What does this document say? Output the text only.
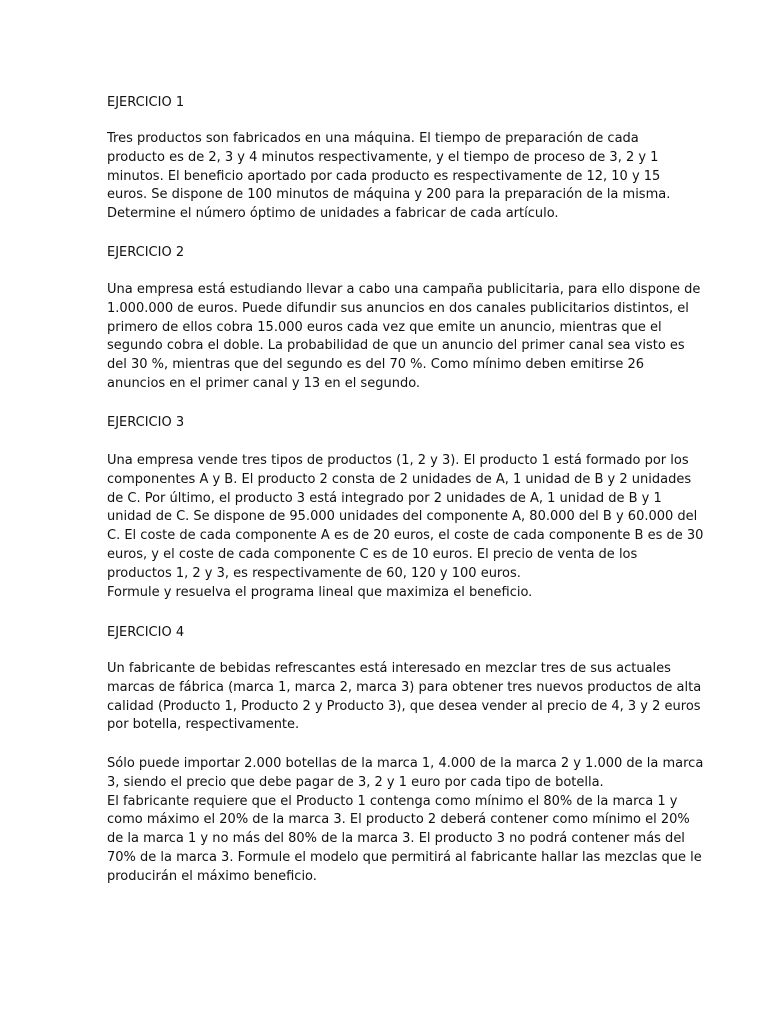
EJERCICIO 1

Tres productos son fabricados en una máquina. El tiempo de preparación de cada
producto es de 2, 3 y 4 minutos respectivamente, y el tiempo de proceso de 3, 2 y 1
minutos. El beneficio aportado por cada producto es respectivamente de 12, 10 y 15
euros. Se dispone de 100 minutos de máquina y 200 para la preparación de la misma.
Determine el número óptimo de unidades a fabricar de cada artículo.

EJERCICIO 2

Una empresa está estudiando llevar a cabo una campaña publicitaria, para ello dispone de
1.000.000 de euros. Puede difundir sus anuncios en dos canales publicitarios distintos, el
primero de ellos cobra 15.000 euros cada vez que emite un anuncio, mientras que el
segundo cobra el doble. La probabilidad de que un anuncio del primer canal sea visto es
del 30 %, mientras que del segundo es del 70 %. Como mínimo deben emitirse 26
anuncios en el primer canal y 13 en el segundo.

EJERCICIO 3

Una empresa vende tres tipos de productos (1, 2 y 3). El producto 1 está formado por los
componentes A y B. El producto 2 consta de 2 unidades de A, 1 unidad de B y 2 unidades
de C. Por último, el producto 3 está integrado por 2 unidades de A, 1 unidad de B y 1
unidad de C. Se dispone de 95.000 unidades del componente A, 80.000 del B y 60.000 del
C. El coste de cada componente A es de 20 euros, el coste de cada componente B es de 30
euros, y el coste de cada componente C es de 10 euros. El precio de venta de los
productos 1, 2 y 3, es respectivamente de 60, 120 y 100 euros.
Formule y resuelva el programa lineal que maximiza el beneficio.

EJERCICIO 4

Un fabricante de bebidas refrescantes está interesado en mezclar tres de sus actuales
marcas de fábrica (marca 1, marca 2, marca 3) para obtener tres nuevos productos de alta
calidad (Producto 1, Producto 2 y Producto 3), que desea vender al precio de 4, 3 y 2 euros
por botella, respectivamente.

Sólo puede importar 2.000 botellas de la marca 1, 4.000 de la marca 2 y 1.000 de la marca
3, siendo el precio que debe pagar de 3, 2 y 1 euro por cada tipo de botella.
El fabricante requiere que el Producto 1 contenga como mínimo el 80% de la marca 1 y
como máximo el 20% de la marca 3. El producto 2 deberá contener como mínimo el 20%
de la marca 1 y no más del 80% de la marca 3. El producto 3 no podrá contener más del
70% de la marca 3. Formule el modelo que permitirá al fabricante hallar las mezclas que le
producirán el máximo beneficio.
